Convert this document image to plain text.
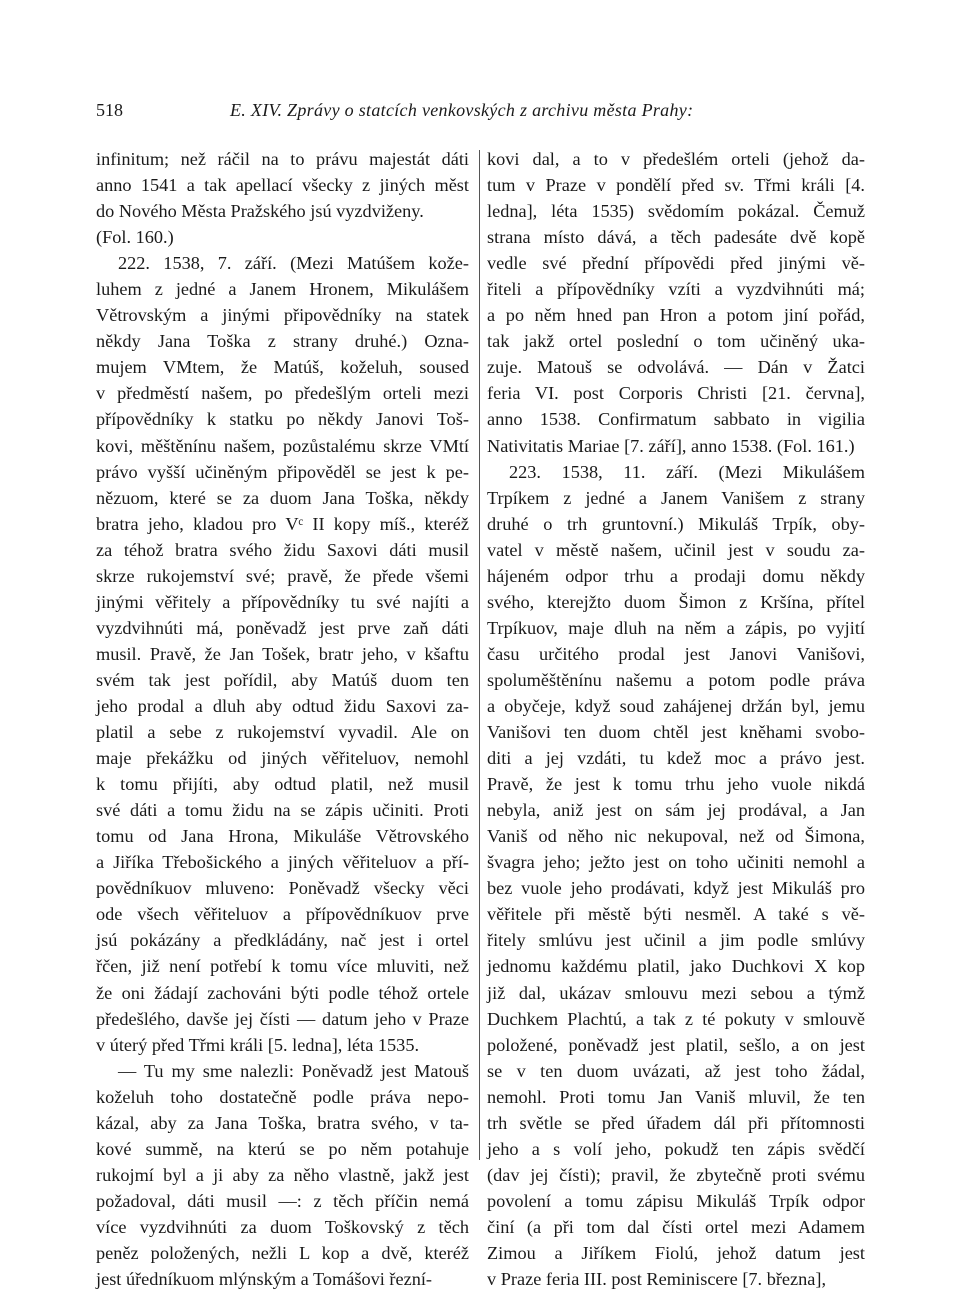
518	E. XIV. Zprávy o statcích venkovských z archivu města Prahy:
infinitum; než ráčil na to právu majestát dáti
anno 1541 a tak apellací všecky z jiných měst
do Nového Města Pražského jsú vyzdviženy.
(Fol. 160.)
222. 1538, 7. září. (Mezi Matúšem kože-
luhem z jedné a Janem Hronem, Mikulášem
Větrovským a jinými připovědníky na statek
někdy Jana Toška z strany druhé.) Ozna-
mujem VMtem, že Matúš, koželuh, soused
v předměstí našem, po předešlým orteli mezi
přípovědníky k statku po někdy Janovi Toš-
kovi, měštěnínu našem, pozůstalému skrze VMtí
právo vyšší učiněným připověděl se jest k pe-
nězuom, které se za duom Jana Toška, někdy
bratra jeho, kladou pro Vᶜ II kopy míš., kteréž
za téhož bratra svého židu Saxovi dáti musil
skrze rukojemství své; pravě, že přede všemi
jinými věřitely a přípovědníky tu své najíti a
vyzdvihnúti má, poněvadž jest prve zaň dáti
musil. Pravě, že Jan Tošek, bratr jeho, v kšaftu
svém tak jest pořídil, aby Matúš duom ten
jeho prodal a dluh aby odtud židu Saxovi za-
platil a sebe z rukojemství vyvadil. Ale on
maje překážku od jiných věřiteluov, nemohl
k tomu přijíti, aby odtud platil, než musil
své dáti a tomu židu na se zápis učiniti. Proti
tomu od Jana Hrona, Mikuláše Větrovského
a Jiříka Třebošického a jiných věřiteluov a pří-
povědníkuov mluveno: Poněvadž všecky věci
ode všech věřiteluov a přípovědníkuov prve
jsú pokázány a předkládány, nač jest i ortel
řčen, již není potřebí k tomu více mluviti, než
že oni žádají zachováni býti podle téhož ortele
předešlého, davše jej čísti — datum jeho v Praze
v úterý před Třmi králi [5. ledna], léta 1535.
— Tu my sme nalezli: Poněvadž jest Matouš
koželuh toho dostatečně podle práva nepo-
kázal, aby za Jana Toška, bratra svého, v ta-
kové summě, na kterú se po něm potahuje
rukojmí byl a ji aby za něho vlastně, jakž jest
požadoval, dáti musil —: z těch příčin nemá
více vyzdvihnúti za duom Toškovský z těch
peněz položených, nežli L kop a dvě, kteréž
jest úředníkuom mlýnským a Tomášovi řezní-
kovi dal, a to v předešlém orteli (jehož da-
tum v Praze v pondělí před sv. Třmi králi [4.
ledna], léta 1535) svědomím pokázal. Čemuž
strana místo dává, a těch padesáte dvě kopě
vedle své přední přípovědi před jinými vě-
řiteli a přípovědníky vzíti a vyzdvihnúti má;
a po něm hned pan Hron a potom jiní pořád,
tak jakž ortel poslední o tom učiněný uka-
zuje. Matouš se odvolává. — Dán v Žatci
feria VI. post Corporis Christi [21. června],
anno 1538. Confirmatum sabbato in vigilia
Nativitatis Mariae [7. září], anno 1538. (Fol. 161.)
223. 1538, 11. září. (Mezi Mikulášem
Trpíkem z jedné a Janem Vanišem z strany
druhé o trh gruntovní.) Mikuláš Trpík, oby-
vatel v městě našem, učinil jest v soudu za-
hájeném odpor trhu a prodaji domu někdy
svého, kterejžto duom Šimon z Kršína, přítel
Trpíkuov, maje dluh na něm a zápis, po vyjití
času určitého prodal jest Janovi Vanišovi,
spoluměštěnínu našemu a potom podle práva
a obyčeje, když soud zahájenej držán byl, jemu
Vanišovi ten duom chtěl jest kněhami svobo-
diti a jej vzdáti, tu kdež moc a právo jest.
Pravě, že jest k tomu trhu jeho vuole nikdá
nebyla, aniž jest on sám jej prodával, a Jan
Vaniš od něho nic nekupoval, než od Šimona,
švagra jeho; ježto jest on toho učiniti nemohl a
bez vuole jeho prodávati, když jest Mikuláš pro
věřitele při městě býti nesměl. A také s vě-
řitely smlúvu jest učinil a jim podle smlúvy
jednomu každému platil, jako Duchkovi X kop
již dal, ukázav smlouvu mezi sebou a týmž
Duchkem Plachtú, a tak z té pokuty v smlouvě
položené, poněvadž jest platil, sešlo, a on jest
se v ten duom uvázati, až jest toho žádal,
nemohl. Proti tomu Jan Vaniš mluvil, že ten
trh světle se před úřadem dál při přítomnosti
jeho a s volí jeho, pokudž ten zápis svědčí
(dav jej čísti); pravil, že zbytečně proti svému
povolení a tomu zápisu Mikuláš Trpík odpor
činí (a při tom dal čísti ortel mezi Adamem
Zimou a Jiříkem Fiolú, jehož datum jest
v Praze feria III. post Reminiscere [7. března],
